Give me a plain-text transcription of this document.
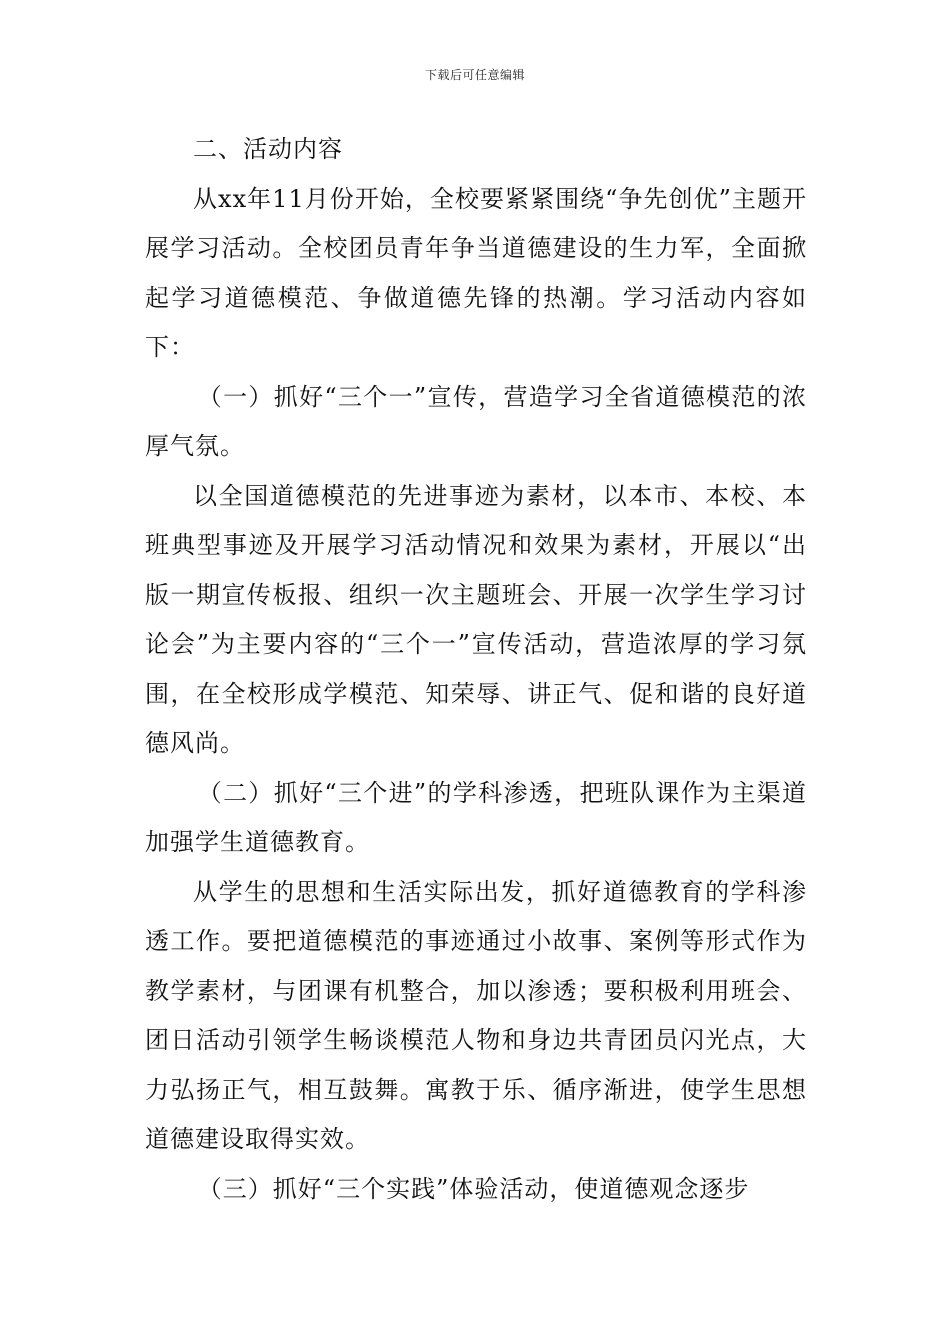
下载后可任意编辑

二、活动内容

从xx年11月份开始，全校要紧紧围绕“争先创优”主题开展学习活动。全校团员青年争当道德建设的生力军，全面掀起学习道德模范、争做道德先锋的热潮。学习活动内容如下：

（一）抓好“三个一”宣传，营造学习全省道德模范的浓厚气氛。

以全国道德模范的先进事迹为素材，以本市、本校、本班典型事迹及开展学习活动情况和效果为素材，开展以“出版一期宣传板报、组织一次主题班会、开展一次学生学习讨论会”为主要内容的“三个一”宣传活动，营造浓厚的学习氛围，在全校形成学模范、知荣辱、讲正气、促和谐的良好道德风尚。

（二）抓好“三个进”的学科渗透，把班队课作为主渠道加强学生道德教育。

从学生的思想和生活实际出发，抓好道德教育的学科渗透工作。要把道德模范的事迹通过小故事、案例等形式作为教学素材，与团课有机整合，加以渗透；要积极利用班会、团日活动引领学生畅谈模范人物和身边共青团员闪光点，大力弘扬正气，相互鼓舞。寓教于乐、循序渐进，使学生思想道德建设取得实效。

（三）抓好“三个实践”体验活动，使道德观念逐步
